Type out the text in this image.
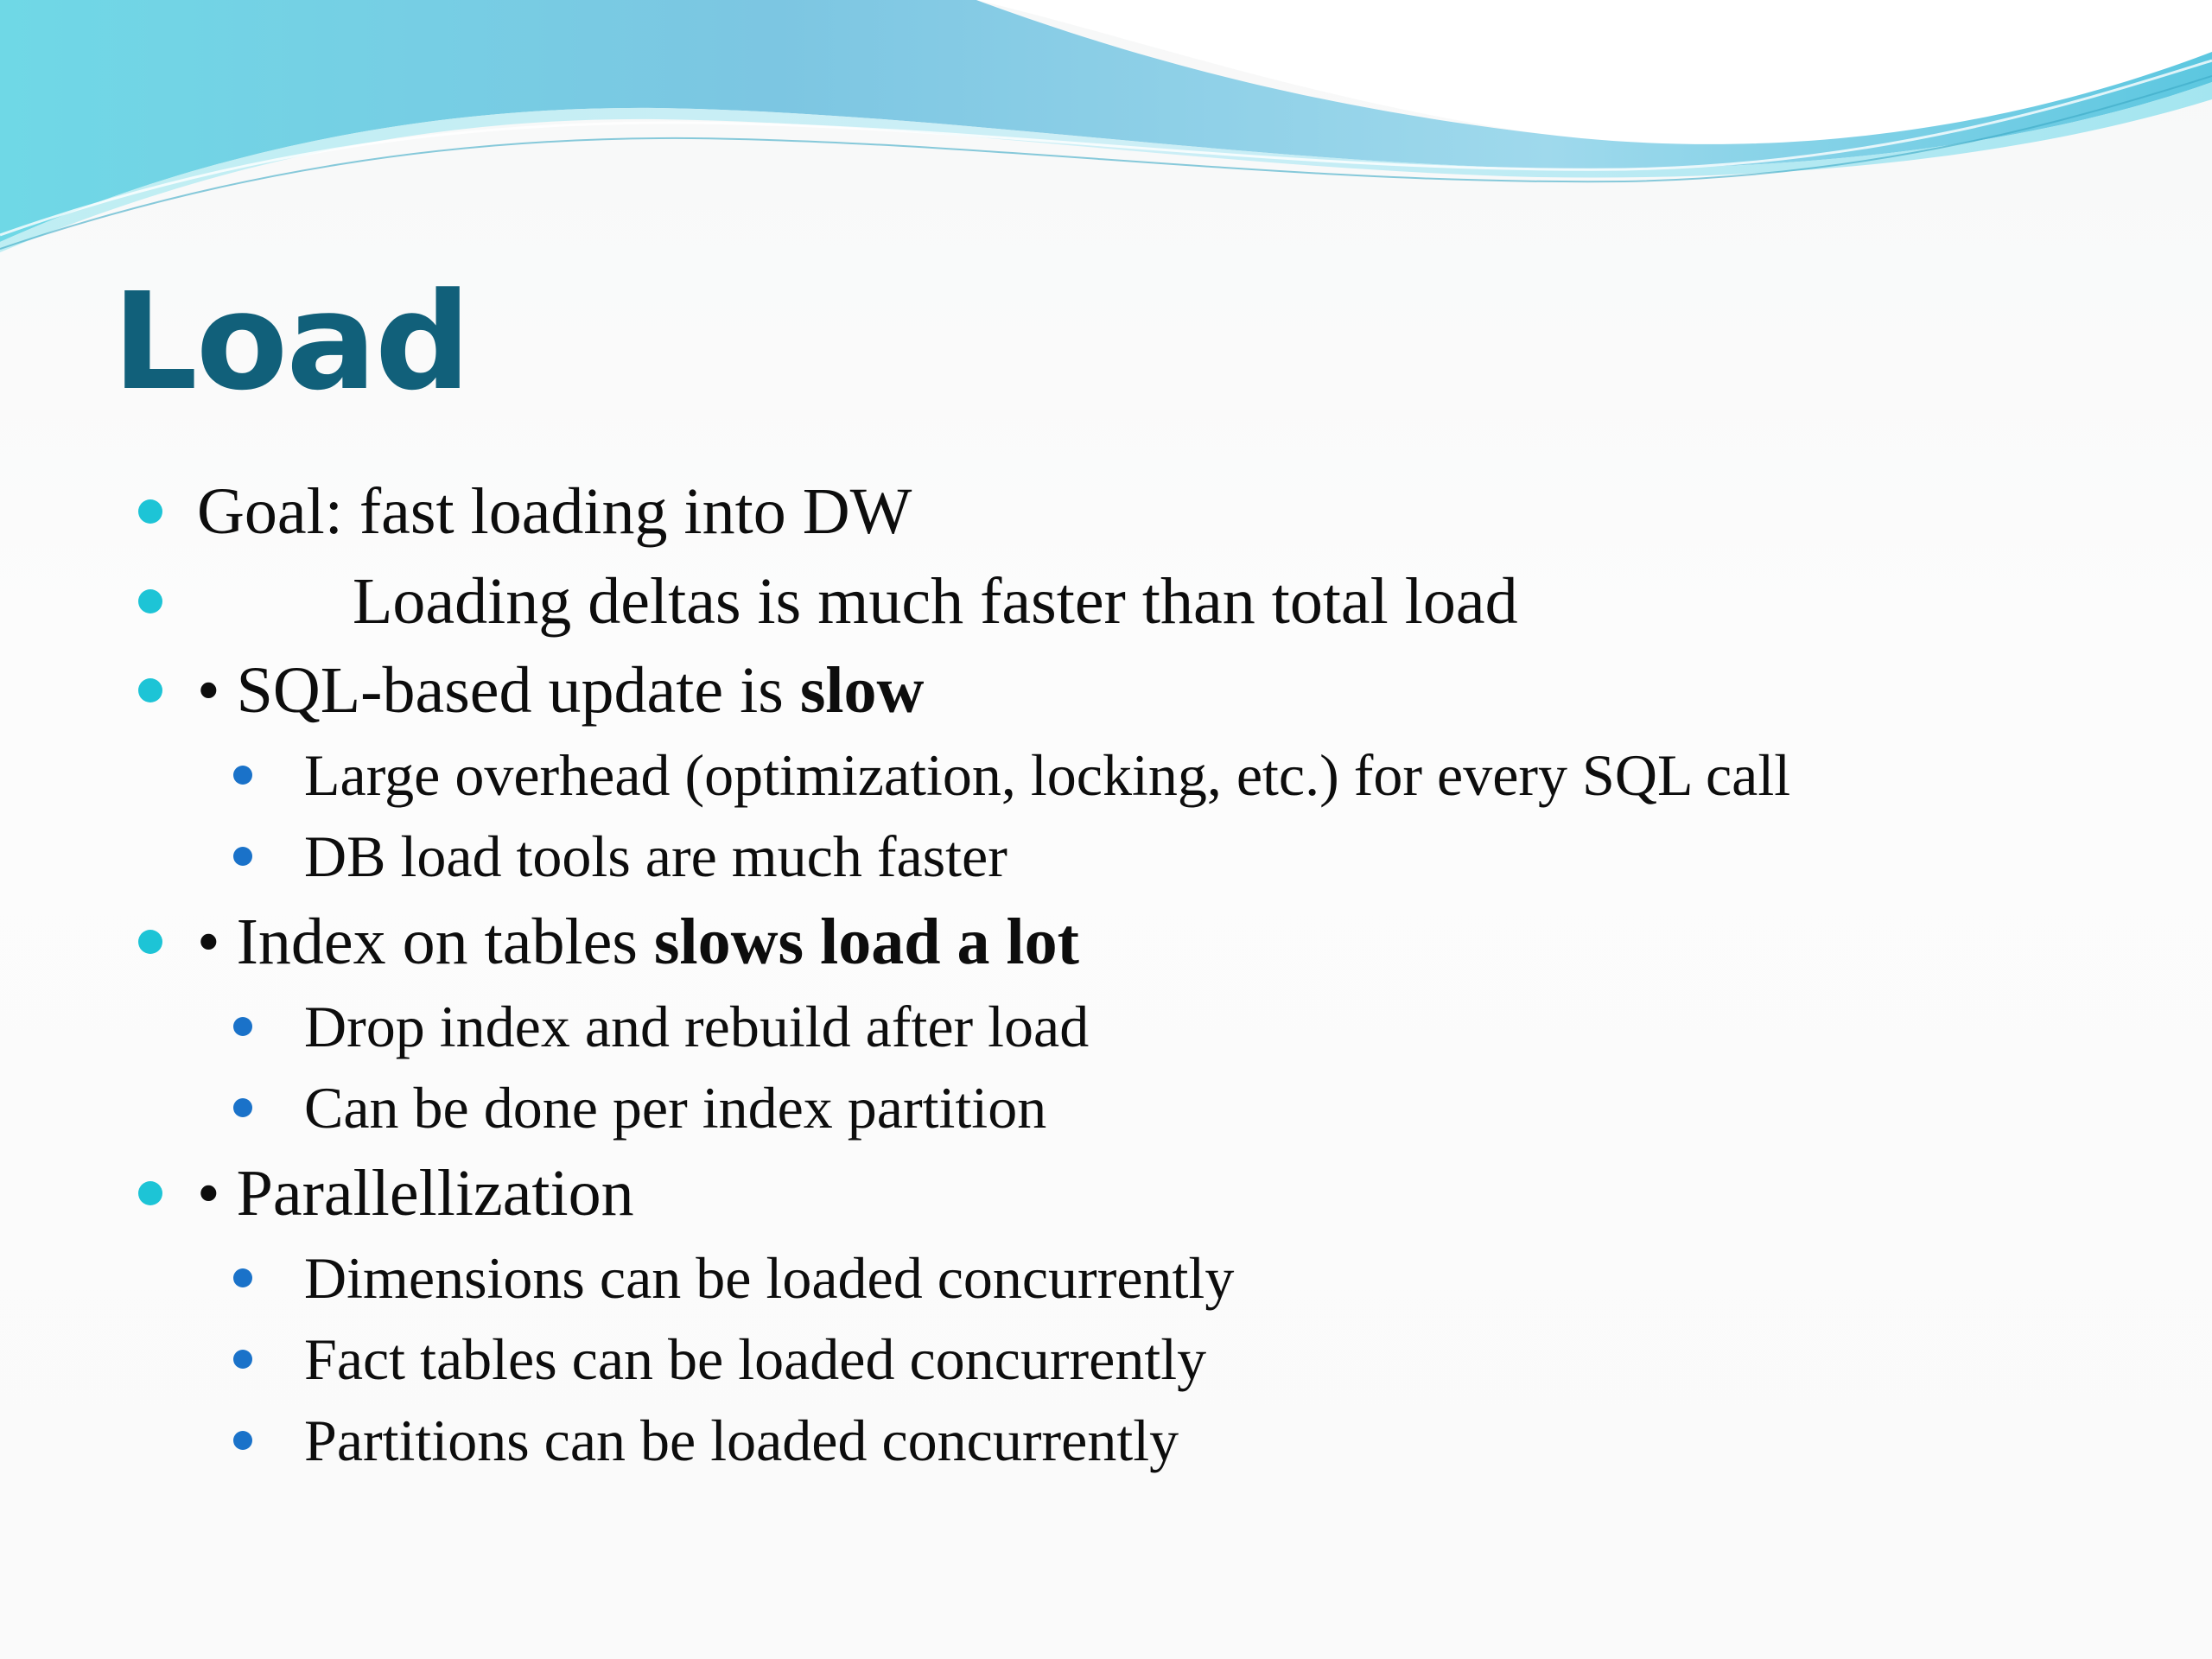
Load
Goal: fast loading into DW
Loading deltas is much faster than total load
• SQL-based update is slow
Large overhead (optimization, locking, etc.) for every SQL call
DB load tools are much faster
• Index on tables slows load a lot
Drop index and rebuild after load
Can be done per index partition
• Parallellization
Dimensions can be loaded concurrently
Fact tables can be loaded concurrently
Partitions can be loaded concurrently
